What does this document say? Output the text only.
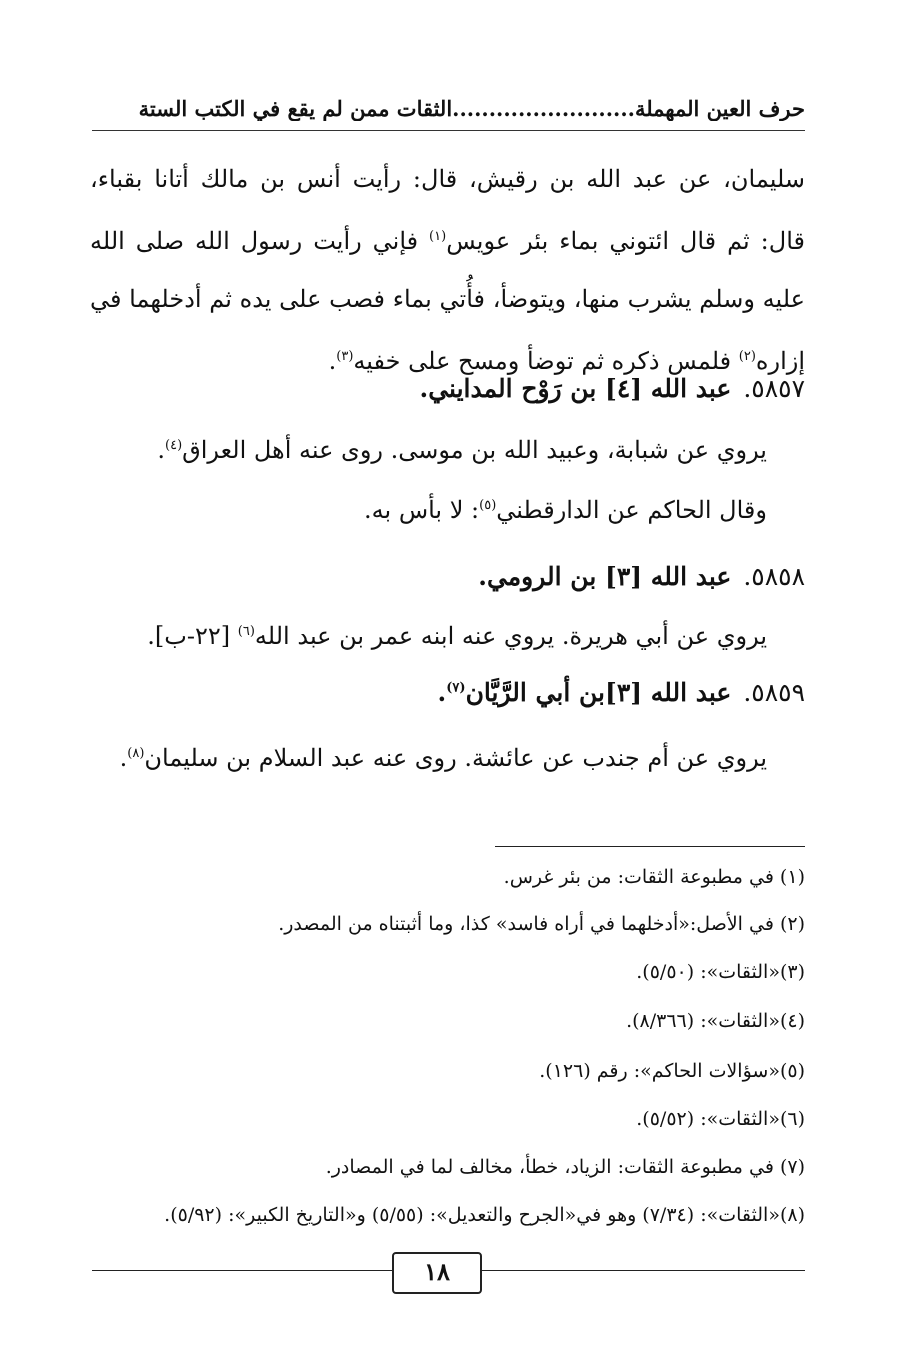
حرف العين المهملة.........................الثقات ممن لم يقع في الكتب الستة
سليمان، عن عبد الله بن رقيش، قال: رأيت أنس بن مالك أتانا بقباء، قال: ثم قال ائتوني بماء بئر عويس$^{(١)}$ فإني رأيت رسول الله صلى الله عليه وسلم يشرب منها، ويتوضأ، فأُتي بماء فصب على يده ثم أدخلهما في إزاره$^{(٢)}$ فلمس ذكره ثم توضأ ومسح على خفيه$^{(٣)}$.
٥٨٥٧.عبد الله [٤] بن رَوْح المدايني.
يروي عن شبابة، وعبيد الله بن موسى. روى عنه أهل العراق$^{(٤)}$.
وقال الحاكم عن الدارقطني$^{(٥)}$: لا بأس به.
٥٨٥٨.عبد الله [٣] بن الرومي.
يروي عن أبي هريرة. يروي عنه ابنه عمر بن عبد الله$^{(٦)}$ [٢٢-ب].
٥٨٥٩.عبد الله [٣]بن أبي الرَّيَّان$^{(٧)}$.
يروي عن أم جندب عن عائشة. روى عنه عبد السلام بن سليمان$^{(٨)}$.
(١) في مطبوعة الثقات: من بئر غرس.
(٢) في الأصل:«أدخلهما في أراه فاسد» كذا، وما أثبتناه من المصدر.
(٣)«الثقات»: (٥/٥٠).
(٤)«الثقات»: (٨/٣٦٦).
(٥)«سؤالات الحاكم»: رقم (١٢٦).
(٦)«الثقات»: (٥/٥٢).
(٧) في مطبوعة الثقات: الزياد، خطأ، مخالف لما في المصادر.
(٨)«الثقات»: (٧/٣٤) وهو في«الجرح والتعديل»: (٥/٥٥) و«التاريخ الكبير»: (٥/٩٢).
١٨
